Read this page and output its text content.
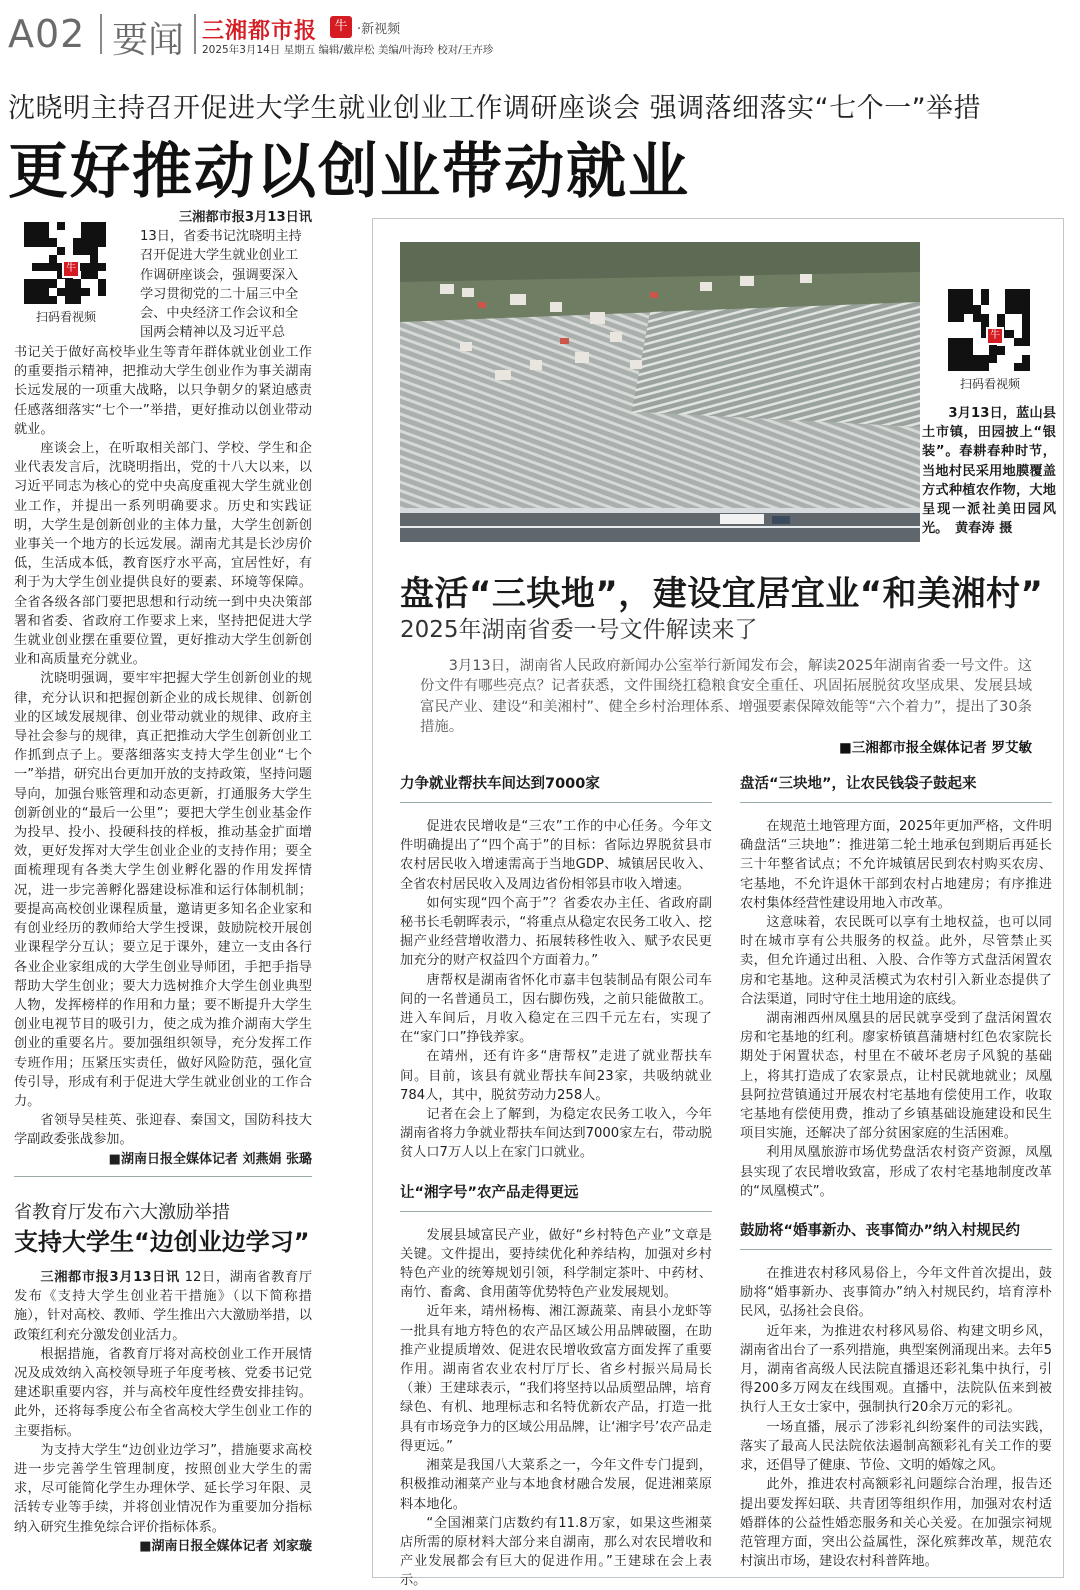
A02 要闻 三湘都市报	牛 ·新视频
2025年3月14日 星期五 编辑/戴岸松 美编/叶海玲 校对/王卉珍
沈晓明主持召开促进大学生就业创业工作调研座谈会 强调落细落实“七个一”举措
更好推动以创业带动就业
牛
扫码看视频
三湘都市报3月13日讯
13日，省委书记沈晓明主持
召开促进大学生就业创业工
作调研座谈会，强调要深入
学习贯彻党的二十届三中全
会、中央经济工作会议和全
国两会精神以及习近平总

书记关于做好高校毕业生等青年群体就业创业工作的重要指示精神，把推动大学生创业作为事关湖南长远发展的一项重大战略，以只争朝夕的紧迫感责任感落细落实“七个一”举措，更好推动以创业带动就业。

座谈会上，在听取相关部门、学校、学生和企业代表发言后，沈晓明指出，党的十八大以来，以习近平同志为核心的党中央高度重视大学生就业创业工作，并提出一系列明确要求。历史和实践证明，大学生是创新创业的主体力量，大学生创新创业事关一个地方的长远发展。湖南尤其是长沙房价低，生活成本低，教育医疗水平高，宜居性好，有利于为大学生创业提供良好的要素、环境等保障。全省各级各部门要把思想和行动统一到中央决策部署和省委、省政府工作要求上来，坚持把促进大学生就业创业摆在重要位置，更好推动大学生创新创业和高质量充分就业。

沈晓明强调，要牢牢把握大学生创新创业的规律，充分认识和把握创新企业的成长规律、创新创业的区域发展规律、创业带动就业的规律、政府主导社会参与的规律，真正把推动大学生创新创业工作抓到点子上。要落细落实支持大学生创业“七个一”举措，研究出台更加开放的支持政策，坚持问题导向，加强台账管理和动态更新，打通服务大学生创新创业的“最后一公里”；要把大学生创业基金作为投早、投小、投硬科技的样板，推动基金扩面增效，更好发挥对大学生创业企业的支持作用；要全面梳理现有各类大学生创业孵化器的作用发挥情况，进一步完善孵化器建设标准和运行体制机制；要提高高校创业课程质量，邀请更多知名企业家和有创业经历的教师给大学生授课，鼓励院校开展创业课程学分互认；要立足于课外，建立一支由各行各业企业家组成的大学生创业导师团，手把手指导帮助大学生创业；要大力选树推介大学生创业典型人物，发挥榜样的作用和力量；要不断提升大学生创业电视节目的吸引力，使之成为推介湖南大学生创业的重要名片。要加强组织领导，充分发挥工作专班作用；压紧压实责任，做好风险防范，强化宣传引导，形成有利于促进大学生就业创业的工作合力。

省领导吴桂英、张迎春、秦国文，国防科技大学副政委张战参加。

■湖南日报全媒体记者 刘燕娟 张璐
省教育厅发布六大激励举措
支持大学生“边创业边学习”

三湘都市报3月13日讯 12日，湖南省教育厅发布《支持大学生创业若干措施》（以下简称措施），针对高校、教师、学生推出六大激励举措，以政策红利充分激发创业活力。

根据措施，省教育厅将对高校创业工作开展情况及成效纳入高校领导班子年度考核、党委书记党建述职重要内容，并与高校年度性经费安排挂钩。此外，还将每季度公布全省高校大学生创业工作的主要指标。

为支持大学生“边创业边学习”，措施要求高校进一步完善学生管理制度，按照创业大学生的需求，尽可能简化学生办理休学、延长学习年限、灵活转专业等手续，并将创业情况作为重要加分指标纳入研究生推免综合评价指标体系。

■湖南日报全媒体记者 刘家璇
牛
扫码看视频
3月13日，蓝山县土市镇，田园披上“银装”。春耕春种时节，当地村民采用地膜覆盖方式种植农作物，大地呈现一派社美田园风光。　黄春涛 摄
盘活“三块地”，建设宜居宜业“和美湘村”
2025年湖南省委一号文件解读来了
3月13日，湖南省人民政府新闻办公室举行新闻发布会，解读2025年湖南省委一号文件。这份文件有哪些亮点？记者获悉，文件围绕扛稳粮食安全重任、巩固拓展脱贫攻坚成果、发展县域富民产业、建设“和美湘村”、健全乡村治理体系、增强要素保障效能等“六个着力”，提出了30条措施。
■三湘都市报全媒体记者 罗艾敏
力争就业帮扶车间达到7000家

促进农民增收是“三农”工作的中心任务。今年文件明确提出了“四个高于”的目标：省际边界脱贫县市农村居民收入增速需高于当地GDP、城镇居民收入、全省农村居民收入及周边省份相邻县市收入增速。

如何实现“四个高于”？省委农办主任、省政府副秘书长毛朝晖表示，“将重点从稳定农民务工收入、挖掘产业经营增收潜力、拓展转移性收入、赋予农民更加充分的财产权益四个方面着力。”

唐帮权是湖南省怀化市嘉丰包装制品有限公司车间的一名普通员工，因右脚伤残，之前只能做散工。进入车间后，月收入稳定在三四千元左右，实现了在“家门口”挣钱养家。

在靖州，还有许多“唐帮权”走进了就业帮扶车间。目前，该县有就业帮扶车间23家，共吸纳就业784人，其中，脱贫劳动力258人。

记者在会上了解到，为稳定农民务工收入，今年湖南省将力争就业帮扶车间达到7000家左右，带动脱贫人口7万人以上在家门口就业。

让“湘字号”农产品走得更远

发展县域富民产业，做好“乡村特色产业”文章是关键。文件提出，要持续优化种养结构，加强对乡村特色产业的统筹规划引领，科学制定茶叶、中药材、南竹、畜禽、食用菌等优势特色产业发展规划。

近年来，靖州杨梅、湘江源蔬菜、南县小龙虾等一批具有地方特色的农产品区域公用品牌破圈，在助推产业提质增效、促进农民增收致富方面发挥了重要作用。湖南省农业农村厅厅长、省乡村振兴局局长（兼）王建球表示，“我们将坚持以品质塑品牌，培育绿色、有机、地理标志和名特优新农产品，打造一批具有市场竞争力的区域公用品牌，让‘湘字号’农产品走得更远。”

湘菜是我国八大菜系之一，今年文件专门提到，积极推动湘菜产业与本地食材融合发展，促进湘菜原料本地化。

“全国湘菜门店数约有11.8万家，如果这些湘菜店所需的原材料大部分来自湖南，那么对农民增收和产业发展都会有巨大的促进作用。”王建球在会上表示。

盘活“三块地”，让农民钱袋子鼓起来

在规范土地管理方面，2025年更加严格，文件明确盘活“三块地”：推进第二轮土地承包到期后再延长三十年整省试点；不允许城镇居民到农村购买农房、宅基地，不允许退休干部到农村占地建房；有序推进农村集体经营性建设用地入市改革。

这意味着，农民既可以享有土地权益，也可以同时在城市享有公共服务的权益。此外，尽管禁止买卖，但允许通过出租、入股、合作等方式盘活闲置农房和宅基地。这种灵活模式为农村引入新业态提供了合法渠道，同时守住土地用途的底线。

湖南湘西州凤凰县的居民就享受到了盘活闲置农房和宅基地的红利。廖家桥镇菖蒲塘村红色农家院长期处于闲置状态，村里在不破坏老房子风貌的基础上，将其打造成了农家景点，让村民就地就业；凤凰县阿拉营镇通过开展农村宅基地有偿使用工作，收取宅基地有偿使用费，推动了乡镇基础设施建设和民生项目实施，还解决了部分贫困家庭的生活困难。

利用凤凰旅游市场优势盘活农村资产资源，凤凰县实现了农民增收致富，形成了农村宅基地制度改革的“凤凰模式”。

鼓励将“婚事新办、丧事简办”纳入村规民约

在推进农村移风易俗上，今年文件首次提出，鼓励将“婚事新办、丧事简办”纳入村规民约，培育淳朴民风，弘扬社会良俗。

近年来，为推进农村移风易俗、构建文明乡风，湖南省出台了一系列措施，典型案例涌现出来。去年5月，湖南省高级人民法院直播退还彩礼集中执行，引得200多万网友在线围观。直播中，法院队伍来到被执行人王女士家中，强制执行20余万元的彩礼。

一场直播，展示了涉彩礼纠纷案件的司法实践，落实了最高人民法院依法遏制高额彩礼有关工作的要求，还倡导了健康、节俭、文明的婚嫁之风。

此外，推进农村高额彩礼问题综合治理，报告还提出要发挥妇联、共青团等组织作用，加强对农村适婚群体的公益性婚恋服务和关心关爱。在加强宗祠规范管理方面，突出公益属性，深化殡葬改革，规范农村演出市场，建设农村科普阵地。
